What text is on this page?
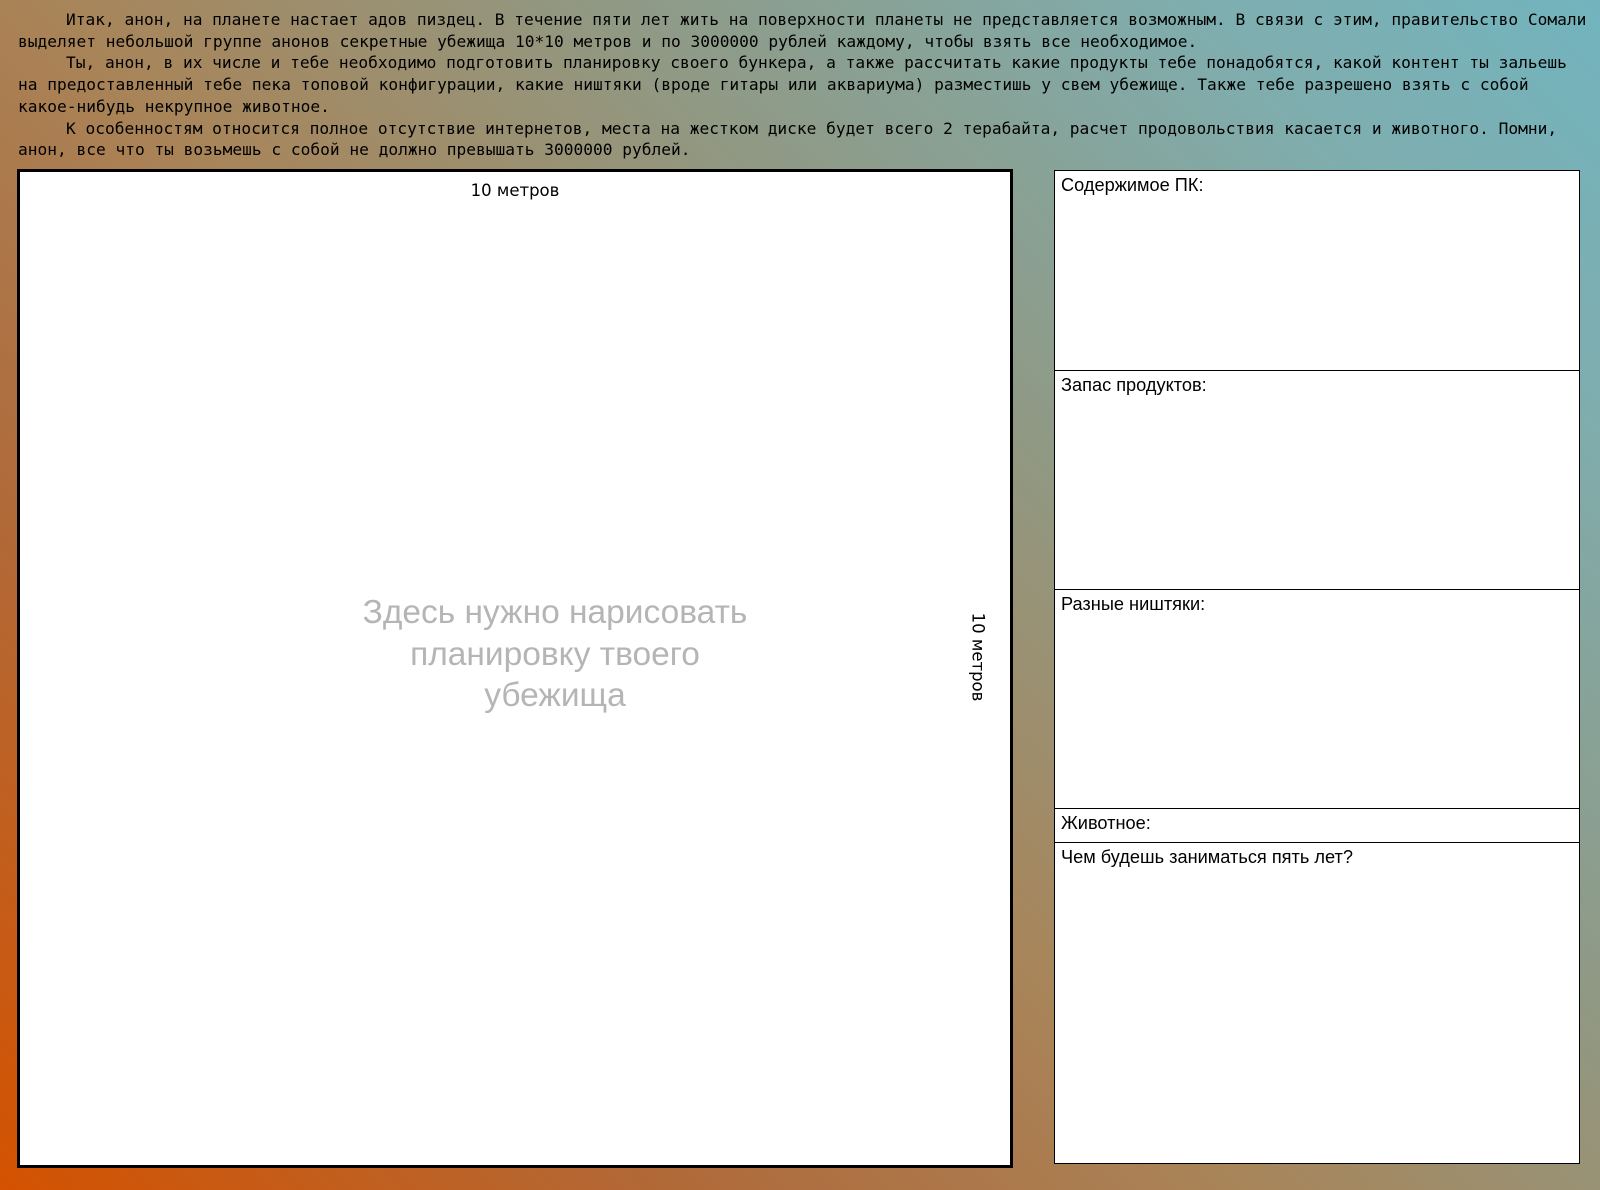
Итак, анон, на планете настает адов пиздец. В течение пяти лет жить на поверхности планеты не представляется возможным. В связи с этим, правительство Сомали выделяет небольшой группе анонов секретные убежища 10*10 метров и по 3000000 рублей каждому, чтобы взять все необходимое.

Ты, анон, в их числе и тебе необходимо подготовить планировку своего бункера, а также рассчитать какие продукты тебе понадобятся, какой контент ты зальешь на предоставленный тебе пека топовой конфигурации, какие ништяки (вроде гитары или аквариума) разместишь у свем убежище. Также тебе разрешено взять с собой какое-нибудь некрупное животное.

К особенностям относится полное отсутствие интернетов, места на жестком диске будет всего 2 терабайта, расчет продовольствия касается и животного. Помни, анон, все что ты возьмешь с собой не должно превышать 3000000 рублей.

10 метров
Здесь нужно нарисовать
планировку твоего
убежища	10 метров
Содержимое ПК:
Запас продуктов:
Разные ништяки:
Животное:
Чем будешь заниматься пять лет?
